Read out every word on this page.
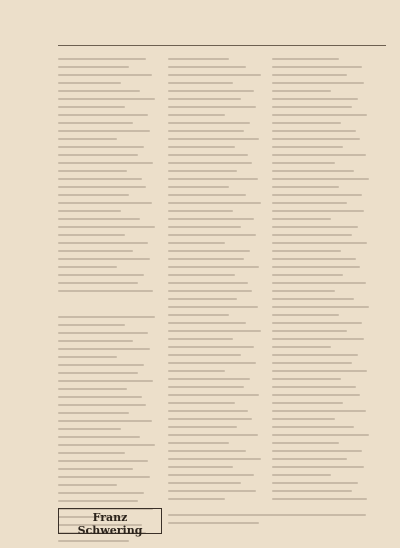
Franz Schwering
